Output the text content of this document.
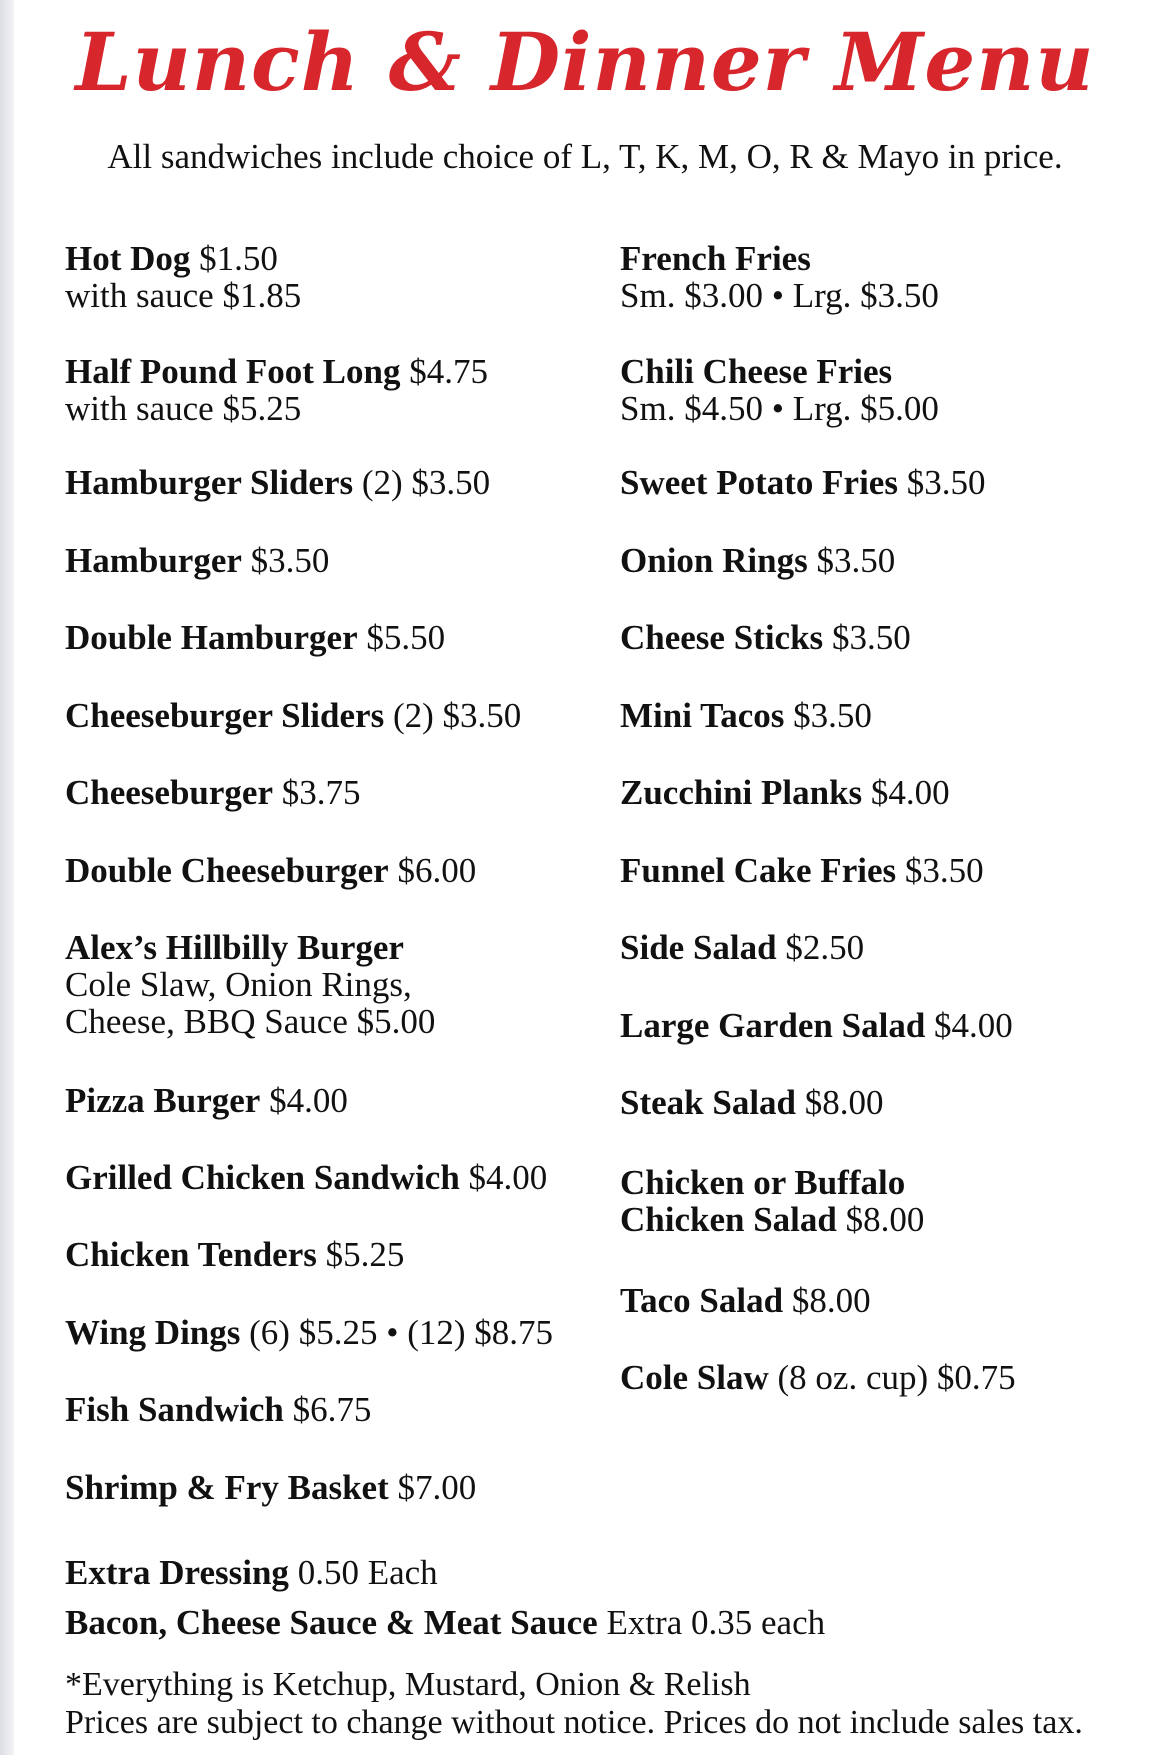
Lunch & Dinner Menu
All sandwiches include choice of L, T, K, M, O, R & Mayo in price.
Hot Dog $1.50
with sauce $1.85
Half Pound Foot Long $4.75
with sauce $5.25
Hamburger Sliders (2) $3.50
Hamburger $3.50
Double Hamburger $5.50
Cheeseburger Sliders (2) $3.50
Cheeseburger $3.75
Double Cheeseburger $6.00
Alex’s Hillbilly Burger
Cole Slaw, Onion Rings,
Cheese, BBQ Sauce $5.00
Pizza Burger $4.00
Grilled Chicken Sandwich $4.00
Chicken Tenders $5.25
Wing Dings (6) $5.25 • (12) $8.75
Fish Sandwich $6.75
Shrimp & Fry Basket $7.00
French Fries
Sm. $3.00 • Lrg. $3.50
Chili Cheese Fries
Sm. $4.50 • Lrg. $5.00
Sweet Potato Fries $3.50
Onion Rings $3.50
Cheese Sticks $3.50
Mini Tacos $3.50
Zucchini Planks $4.00
Funnel Cake Fries $3.50
Side Salad $2.50
Large Garden Salad $4.00
Steak Salad $8.00
Chicken or Buffalo
Chicken Salad $8.00
Taco Salad $8.00
Cole Slaw (8 oz. cup) $0.75
Extra Dressing 0.50 Each
Bacon, Cheese Sauce & Meat Sauce Extra 0.35 each
*Everything is Ketchup, Mustard, Onion & Relish
Prices are subject to change without notice. Prices do not include sales tax.
